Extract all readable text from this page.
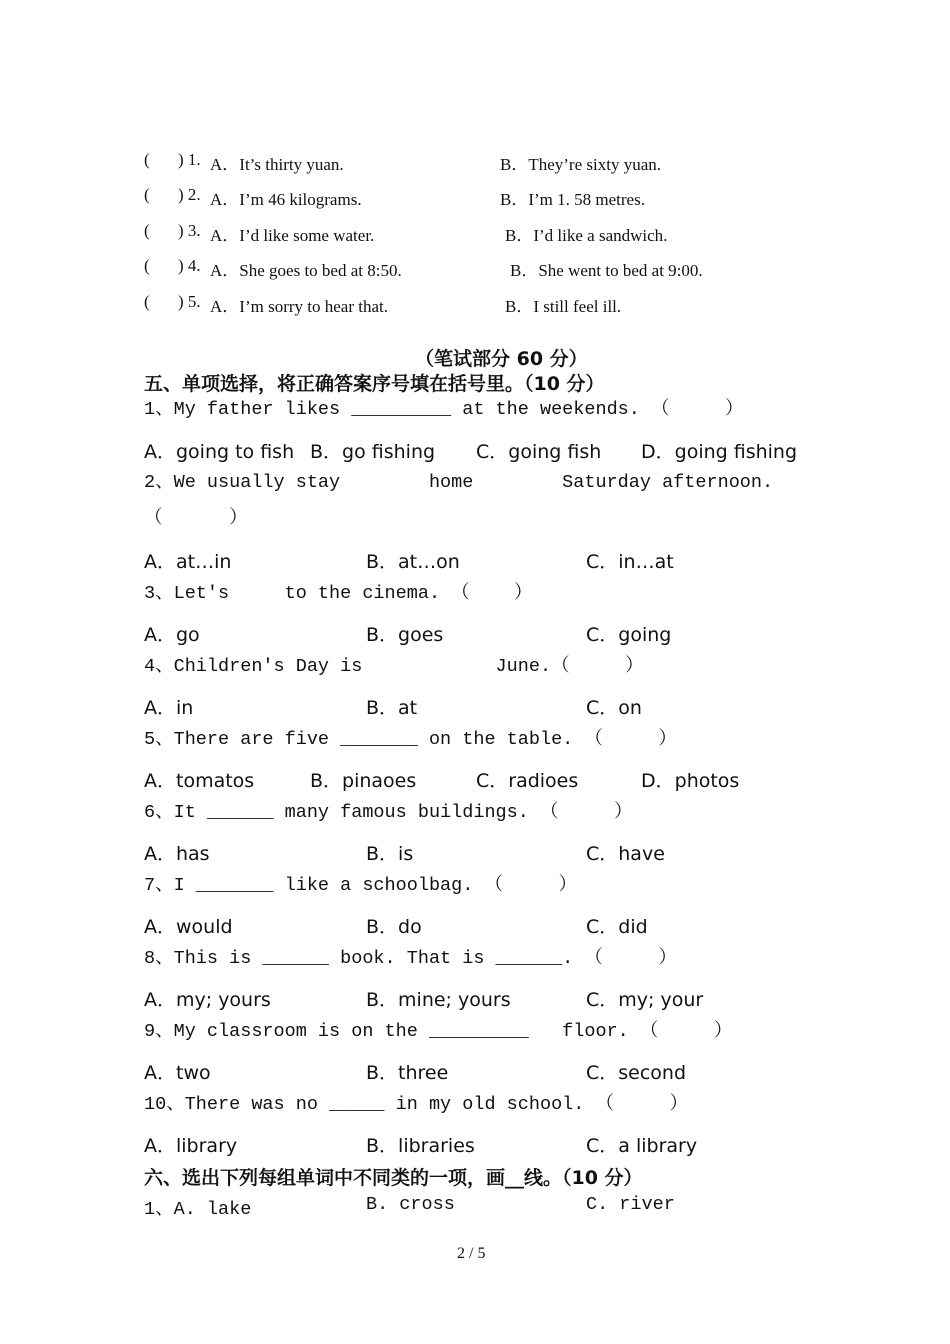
( ) 1. A．It’s thirty yuan.	B．They’re sixty yuan.
( ) 2. A．I’m 46 kilograms.	B．I’m 1. 58 metres.
( ) 3. A．I’d like some water.	B．I’d like a sandwich.
( ) 4. A．She goes to bed at 8:50.	B．She went to bed at 9:00.
( ) 5. A．I’m sorry to hear that.	B．I still feel ill.
（笔试部分 60 分）
五、单项选择，将正确答案序号填在括号里。（10 分）
1、My father likes _________ at the weekends. （     ）
A．going to fish B．go fishing C．going fish D．going fishing
2、We usually stay        home        Saturday afternoon.
（      ）
A．at…in	B．at…on	C．in…at
3、Let's     to the cinema. （    ）
A．go	B．goes	C．going
4、Children's Day is            June.（     ）
A．in	B．at	C．on
5、There are five _______ on the table. （     ）
A．tomatos	B．pinaoes	C．radioes	D．photos
6、It ______ many famous buildings. （     ）
A．has	B．is	C．have
7、I _______ like a schoolbag. （     ）
A．would	B．do	C．did
8、This is ______ book. That is ______. （     ）
A．my; yours	B．mine; yours	C．my; your
9、My classroom is on the _________   floor. （     ）
A．two	B．three	C．second
10、There was no _____ in my old school. （     ）
A．library	B．libraries	C．a library
六、选出下列每组单词中不同类的一项，画__线。（10 分）

1、A. lake

	B. cross

	C. river

2 / 5
